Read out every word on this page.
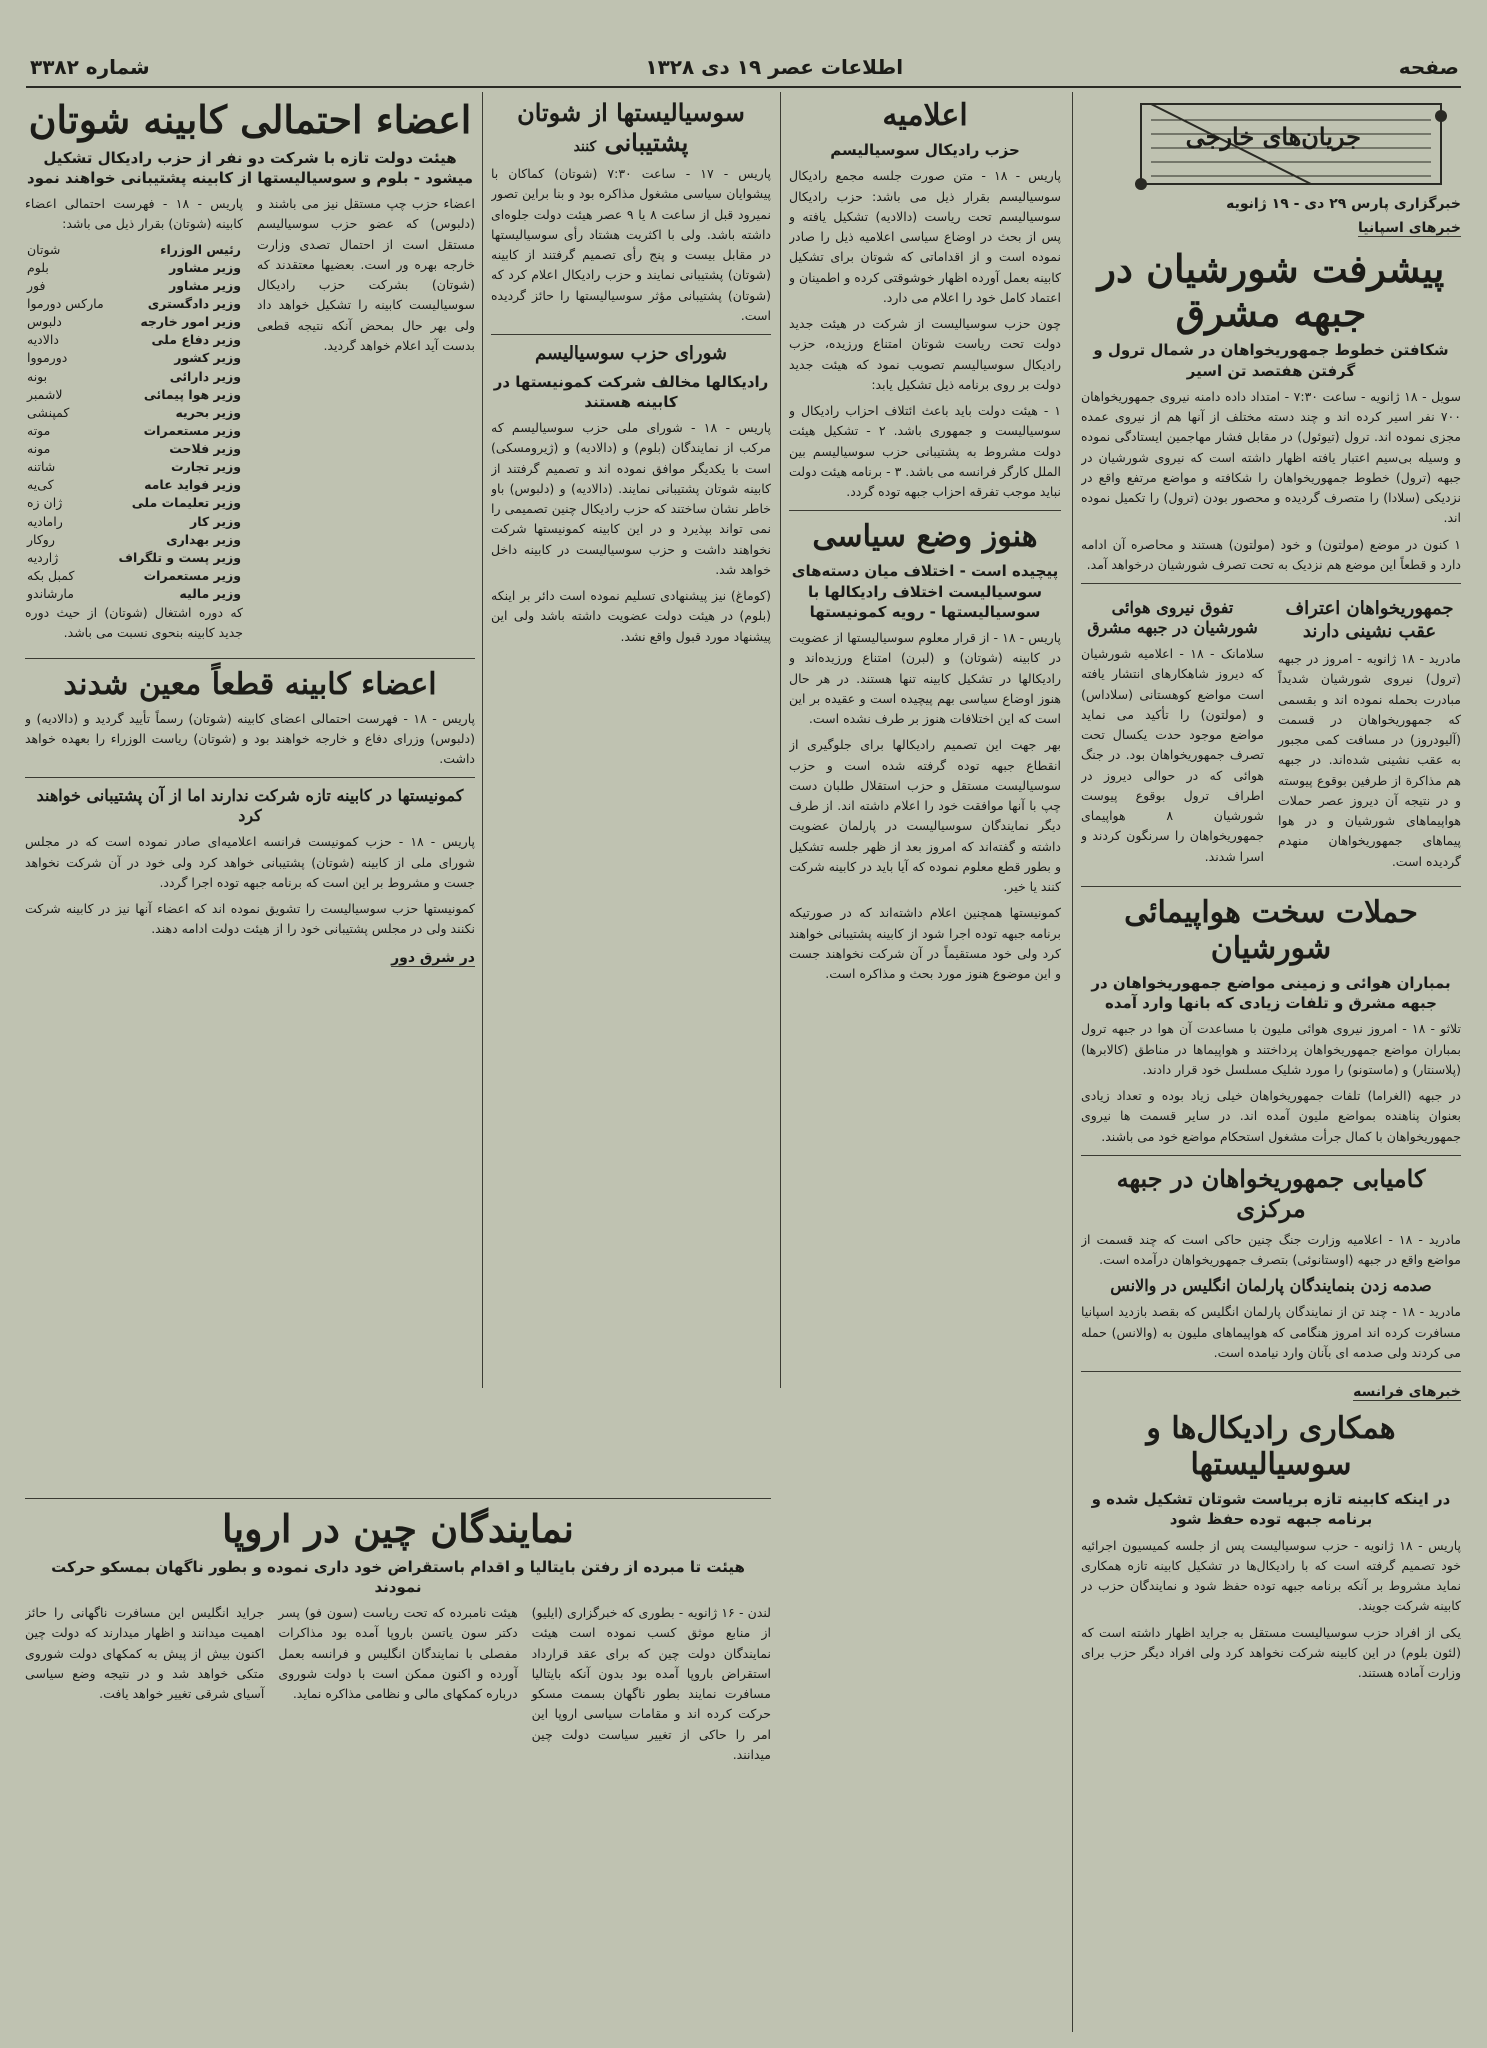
صفحه
اطلاعات عصر ۱۹ دی ۱۳۲۸
شماره ۳۳۸۲
جریان‌های خارجی
خبرگزاری پارس ۲۹ دی - ۱۹ ژانویه
خبرهای اسپانیا
پیشرفت شورشیان در جبهه مشرق
شکافتن خطوط جمهوریخواهان در شمال ترول و گرفتن هفتصد تن اسیر

سویل - ۱۸ ژانویه - ساعت ۷:۳۰ - امتداد داده دامنه نیروی جمهوریخواهان ۷۰۰ نفر اسیر کرده اند و چند دسته مختلف از آنها هم از نیروی عمده مجزی نموده اند. ترول (تیوئول) در مقابل فشار مهاجمین ایستادگی نموده و وسیله بی‌سیم اعتبار یافته اظهار داشته است که نیروی شورشیان در جبهه (ترول) خطوط جمهوریخواهان را شکافته و مواضع مرتفع واقع در نزدیکی (سلادا) را متصرف گردیده و محصور بودن (ترول) را تکمیل نموده اند.

۱ کنون در موضع (مولتون) و خود (مولتون) هستند و محاصره آن ادامه دارد و قطعاً این موضع هم نزدیک به تحت تصرف شورشیان درخواهد آمد.

جمهوریخواهان اعتراف عقب نشینی دارند

مادرید - ۱۸ ژانویه - امروز در جبهه (ترول) نیروی شورشیان شدیداً مبادرت بحمله نموده اند و بقسمی که جمهوریخواهان در قسمت (آلیودروز) در مسافت کمی مجبور به عقب نشینی شده‌اند. در جبهه هم مذاکرة از طرفین بوقوع پیوسته و در نتیجه آن دیروز عصر حملات هواپیماهای شورشیان و در هوا پیماهای جمهوریخواهان منهدم گردیده است.

تفوق نیروی هوائی شورشیان در جبهه مشرق

سلامانک - ۱۸ - اعلامیه شورشیان که دیروز شاهکارهای انتشار یافته است مواضع کوهستانی (سلاداس) و (مولتون) را تأکید می نماید مواضع موجود حدت یکسال تحت تصرف جمهوریخواهان بود. در جنگ هوائی که در حوالی دیروز در اطراف ترول بوقوع پیوست شورشیان ۸ هواپیمای جمهوریخواهان را سرنگون کردند و اسرا شدند.

حملات سخت هواپیمائی شورشیان
بمباران هوائی و زمینی مواضع جمهوریخواهان در جبهه مشرق و تلفات زیادی که بانها وارد آمده

تلاثو - ۱۸ - امروز نیروی هوائی ملیون با مساعدت آن هوا در جبهه ترول بمباران مواضع جمهوریخواهان پرداختند و هواپیماها در مناطق (کالابرها) (پلاسنتار) و (ماستونو) را مورد شلیک مسلسل خود قرار دادند.

در جبهه (الغراما) تلفات جمهوریخواهان خیلی زیاد بوده و تعداد زیادی بعنوان پناهنده بمواضع ملیون آمده اند. در سایر قسمت ها نیروی جمهوریخواهان با کمال جرأت مشغول استحکام مواضع خود می باشند.

کامیابی جمهوریخواهان در جبهه مرکزی

مادرید - ۱۸ - اعلامیه وزارت جنگ چنین حاکی است که چند قسمت از مواضع واقع در جبهه (اوستانوئی) بتصرف جمهوریخواهان درآمده است.

صدمه زدن بنمایندگان پارلمان انگلیس در والانس

مادرید - ۱۸ - چند تن از نمایندگان پارلمان انگلیس که بقصد بازدید اسپانیا مسافرت کرده اند امروز هنگامی که هواپیماهای ملیون به (والانس) حمله می کردند ولی صدمه ای بآنان وارد نیامده است.

خبرهای فرانسه
همکاری رادیکال‌ها و سوسیالیستها
در اینکه کابینه تازه بریاست شوتان تشکیل شده و برنامه جبهه توده حفظ شود

پاریس - ۱۸ ژانویه - حزب سوسیالیست پس از جلسه کمیسیون اجرائیه خود تصمیم گرفته است که با رادیکال‌ها در تشکیل کابینه تازه همکاری نماید مشروط بر آنکه برنامه جبهه توده حفظ شود و نمایندگان حزب در کابینه شرکت جویند.

یکی از افراد حزب سوسیالیست مستقل به جراید اظهار داشته است که (لئون بلوم) در این کابینه شرکت نخواهد کرد ولی افراد دیگر حزب برای وزارت آماده هستند.

اعلامیه
حزب رادیکال سوسیالیسم

پاریس - ۱۸ - متن صورت جلسه مجمع رادیکال سوسیالیسم بقرار ذیل می باشد: حزب رادیکال سوسیالیسم تحت ریاست (دالادیه) تشکیل یافته و پس از بحث در اوضاع سیاسی اعلامیه ذیل را صادر نموده است و از اقداماتی که شوتان برای تشکیل کابینه بعمل آورده اظهار خوشوقتی کرده و اطمینان و اعتماد کامل خود را اعلام می دارد.

چون حزب سوسیالیست از شرکت در هیئت جدید دولت تحت ریاست شوتان امتناع ورزیده، حزب رادیکال سوسیالیسم تصویب نمود که هیئت جدید دولت بر روی برنامه ذیل تشکیل یابد:

۱ - هیئت دولت باید باعث ائتلاف احزاب رادیکال و سوسیالیست و جمهوری باشد. ۲ - تشکیل هیئت دولت مشروط به پشتیبانی حزب سوسیالیسم بین الملل کارگر فرانسه می باشد. ۳ - برنامه هیئت دولت نباید موجب تفرقه احزاب جبهه توده گردد.

هنوز وضع سیاسی
پیچیده است - اختلاف میان دسته‌های سوسیالیست اختلاف رادیکالها با سوسیالیستها - رویه کمونیستها

پاریس - ۱۸ - از قرار معلوم سوسیالیستها از عضویت در کابینه (شوتان) و (لبرن) امتناع ورزیده‌اند و رادیکالها در تشکیل کابینه تنها هستند. در هر حال هنوز اوضاع سیاسی بهم پیچیده است و عقیده بر این است که این اختلافات هنوز بر طرف نشده است.

بهر جهت این تصمیم رادیکالها برای جلوگیری از انقطاع جبهه توده گرفته شده است و حزب سوسیالیست مستقل و حزب استقلال طلبان دست چپ با آنها موافقت خود را اعلام داشته اند. از طرف دیگر نمایندگان سوسیالیست در پارلمان عضویت داشته و گفته‌اند که امروز بعد از ظهر جلسه تشکیل و بطور قطع معلوم نموده که آیا باید در کابینه شرکت کنند یا خیر.

کمونیستها همچنین اعلام داشته‌اند که در صورتیکه برنامه جبهه توده اجرا شود از کابینه پشتیبانی خواهند کرد ولی خود مستقیماً در آن شرکت نخواهند جست و این موضوع هنوز مورد بحث و مذاکره است.

سوسیالیستها از شوتان پشتیبانی کنند

پاریس - ۱۷ - ساعت ۷:۳۰ (شوتان) کماکان با پیشوایان سیاسی مشغول مذاکره بود و بنا براین تصور نمیرود قبل از ساعت ۸ یا ۹ عصر هیئت دولت جلوه‌ای داشته باشد. ولی با اکثریت هشتاد رأی سوسیالیستها در مقابل بیست و پنج رأی تصمیم گرفتند از کابینه (شوتان) پشتیبانی نمایند و حزب رادیکال اعلام کرد که (شوتان) پشتیبانی مؤثر سوسیالیستها را حائز گردیده است.

شورای حزب سوسیالیسم
رادیکالها مخالف شرکت کمونیستها در کابینه هستند

پاریس - ۱۸ - شورای ملی حزب سوسیالیسم که مرکب از نمایندگان (بلوم) و (دالادیه) و (ژیرومسکی) است با یکدیگر موافق نموده اند و تصمیم گرفتند از کابینه شوتان پشتیبانی نمایند. (دالادیه) و (دلبوس) باو خاطر نشان ساختند که حزب رادیکال چنین تصمیمی را نمی تواند بپذیرد و در این کابینه کمونیستها شرکت نخواهند داشت و حزب سوسیالیست در کابینه داخل خواهد شد.

(کوماغ) نیز پیشنهادی تسلیم نموده است دائر بر اینکه (بلوم) در هیئت دولت عضویت داشته باشد ولی این پیشنهاد مورد قبول واقع نشد.

اعضاء احتمالی کابینه شوتان
هیئت دولت تازه با شرکت دو نفر از حزب رادیکال تشکیل میشود - بلوم و سوسیالیستها از کابینه پشتیبانی خواهند نمود

اعضاء حزب چپ مستقل نیز می باشند و (دلبوس) که عضو حزب سوسیالیسم مستقل است از احتمال تصدی وزارت خارجه بهره ور است. بعضیها معتقدند که (شوتان) بشرکت حزب رادیکال سوسیالیست کابینه را تشکیل خواهد داد ولی بهر حال بمحض آنکه نتیجه قطعی بدست آید اعلام خواهد گردید.

پاریس - ۱۸ - فهرست احتمالی اعضاء کابینه (شوتان) بقرار ذیل می باشد:

رئیس الوزراء	شوتان
وزیر مشاور	بلوم
وزیر مشاور	فور
وزیر دادگستری	مارکس دورموا
وزیر امور خارجه	دلبوس
وزیر دفاع ملی	دالادیه
وزیر کشور	دورمووا
وزیر دارائی	بونه
وزیر هوا پیمائی	لاشمبر
وزیر بحریه	کمپنشی
وزیر مستعمرات	موته
وزیر فلاحت	مونه
وزیر تجارت	شاتنه
وزیر فواید عامه	کی‌یه
وزیر تعلیمات ملی	ژان زه
وزیر کار	رامادیه
وزیر بهداری	روکار
وزیر پست و تلگراف	ژاردیه
وزیر مستعمرات	کمبل بکه
وزیر مالیه	مارشاندو

که دوره اشتغال (شوتان) از حیث دوره جدید کابینه بنحوی نسبت می باشد.

اعضاء کابینه قطعاً معین شدند

پاریس - ۱۸ - فهرست احتمالی اعضای کابینه (شوتان) رسماً تأیید گردید و (دالادیه) و (دلبوس) وزرای دفاع و خارجه خواهند بود و (شوتان) ریاست الوزراء را بعهده خواهد داشت.

کمونیستها در کابینه تازه شرکت ندارند اما از آن پشتیبانی خواهند کرد

پاریس - ۱۸ - حزب کمونیست فرانسه اعلامیه‌ای صادر نموده است که در مجلس شورای ملی از کابینه (شوتان) پشتیبانی خواهد کرد ولی خود در آن شرکت نخواهد جست و مشروط بر این است که برنامه جبهه توده اجرا گردد.

کمونیستها حزب سوسیالیست را تشویق نموده اند که اعضاء آنها نیز در کابینه شرکت نکنند ولی در مجلس پشتیبانی خود را از هیئت دولت ادامه دهند.

در شرق دور
نمایندگان چین در اروپا
هیئت تا مبرده از رفتن بایتالیا و اقدام باستقراض خود داری نموده و بطور ناگهان بمسکو حرکت نمودند

لندن - ۱۶ ژانویه - بطوری که خبرگزاری (ایلیو) از منابع موثق کسب نموده است هیئت نمایندگان دولت چین که برای عقد قرارداد استقراض باروپا آمده بود بدون آنکه بایتالیا مسافرت نمایند بطور ناگهان بسمت مسکو حرکت کرده اند و مقامات سیاسی اروپا این امر را حاکی از تغییر سیاست دولت چین میدانند.

هیئت نامبرده که تحت ریاست (سون فو) پسر دکتر سون یاتسن باروپا آمده بود مذاکرات مفصلی با نمایندگان انگلیس و فرانسه بعمل آورده و اکنون ممکن است با دولت شوروی درباره کمکهای مالی و نظامی مذاکره نماید.

جراید انگلیس این مسافرت ناگهانی را حائز اهمیت میدانند و اظهار میدارند که دولت چین اکنون بیش از پیش به کمکهای دولت شوروی متکی خواهد شد و در نتیجه وضع سیاسی آسیای شرقی تغییر خواهد یافت.
